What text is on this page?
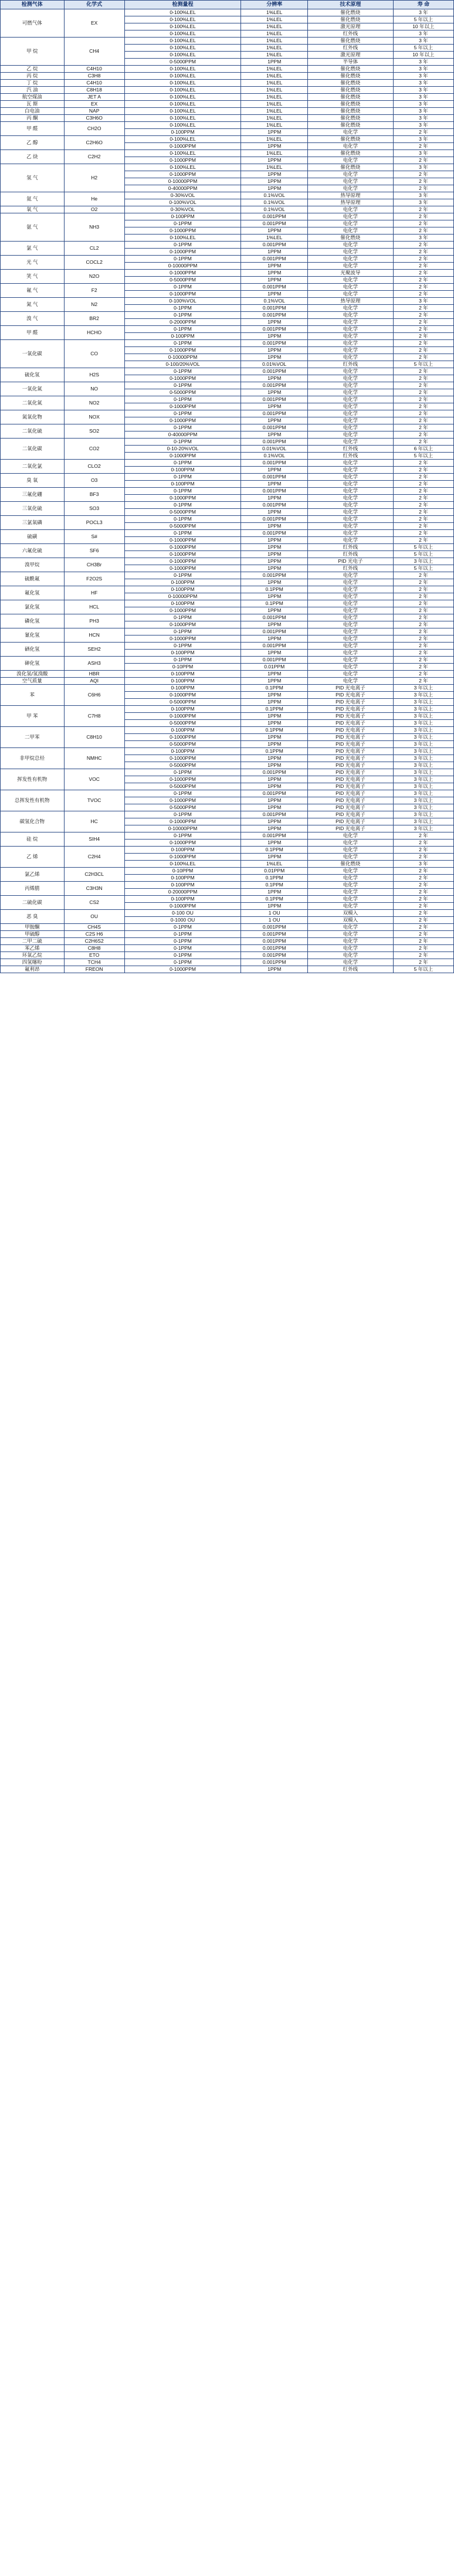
检测气体	化学式	检测量程	分辨率	技术原理	寿 命
可燃气体	EX	0-100%LEL	1%LEL	催化燃烧	3 年
		0-100%LEL	1%LEL	催化燃烧	5 年以上
		0-100%LEL	1%LEL	激光原理	10 年以上
		0-100%LEL	1%LEL	红外线	3 年
甲 烷	CH4	0-100%LEL	1%LEL	催化燃烧	3 年
		0-100%LEL	1%LEL	红外线	5 年以上
		0-100%LEL	1%LEL	激光原理	10 年以上
		0-5000PPM	1PPM	半导体	3 年
乙 烷	C4H10	0-100%LEL	1%LEL	催化燃烧	3 年
丙 烷	C3H8	0-100%LEL	1%LEL	催化燃烧	3 年
丁 烷	C4H10	0-100%LEL	1%LEL	催化燃烧	3 年
汽 油	C8H18	0-100%LEL	1%LEL	催化燃烧	3 年
航空煤油	JET A	0-100%LEL	1%LEL	催化燃烧	3 年
瓦 斯	EX	0-100%LEL	1%LEL	催化燃烧	3 年
白电油	NAP	0-100%LEL	1%LEL	催化燃烧	3 年
丙 酮	C3H6O	0-100%LEL	1%LEL	催化燃烧	3 年
甲 醛	CH2O	0-100%LEL	1%LEL	催化燃烧	3 年
		0-100PPM	1PPM	电化学	2 年
乙 醇	C2H6O	0-100%LEL	1%LEL	催化燃烧	3 年
		0-1000PPM	1PPM	电化学	2 年
乙 炔	C2H2	0-100%LEL	1%LEL	催化燃烧	3 年
		0-1000PPM	1PPM	电化学	2 年
氢 气	H2	0-100%LEL	1%LEL	催化燃烧	3 年
		0-1000PPM	1PPM	电化学	2 年
		0-10000PPM	1PPM	电化学	2 年
		0-40000PPM	1PPM	电化学	2 年
氦 气	He	0-30%VOL	0.1%VOL	热导原理	3 年
		0-100%VOL	0.1%VOL	热导原理	3 年
氧 气	O2	0-30%VOL	0.1%VOL	电化学	2 年
氨 气	NH3	0-100PPM	0.001PPM	电化学	2 年
		0-1PPM	0.001PPM	电化学	2 年
		0-1000PPM	1PPM	电化学	2 年
		0-100%LEL	1%LEL	催化燃烧	3 年
氯 气	CL2	0-1PPM	0.001PPM	电化学	2 年
		0-1000PPM	1PPM	电化学	2 年
光 气	COCL2	0-1PPM	0.001PPM	电化学	2 年
		0-10000PPM	1PPM	电化学	2 年
笑 气	N2O	0-1000PPM	1PPM	光聚波导	2 年
		0-5000PPM	1PPM	电化学	2 年
氟 气	F2	0-1PPM	0.001PPM	电化学	2 年
		0-1000PPM	1PPM	电化学	2 年
氮 气	N2	0-100%VOL	0.1%VOL	热导原理	3 年
		0-1PPM	0.001PPM	电化学	2 年
溴 气	BR2	0-1PPM	0.001PPM	电化学	2 年
		0-2000PPM	1PPM	电化学	2 年
甲 醛	HCHO	0-1PPM	0.001PPM	电化学	2 年
		0-100PPM	1PPM	电化学	2 年
一氧化碳	CO	0-1PPM	0.001PPM	电化学	2 年
		0-1000PPM	1PPM	电化学	2 年
		0-10000PPM	1PPM	电化学	2 年
		0-100/20%VOL	0.01%VOL	红外线	5 年以上
硫化氢	H2S	0-1PPM	0.001PPM	电化学	2 年
		0-1000PPM	1PPM	电化学	2 年
一氧化氮	NO	0-1PPM	0.001PPM	电化学	2 年
		0-5000PPM	1PPM	电化学	2 年
二氧化氮	NO2	0-1PPM	0.001PPM	电化学	2 年
		0-1000PPM	1PPM	电化学	2 年
氮氧化物	NOX	0-1PPM	0.001PPM	电化学	2 年
		0-1000PPM	1PPM	电化学	2 年
二氧化硫	SO2	0-1PPM	0.001PPM	电化学	2 年
		0-40000PPM	1PPM	电化学	2 年
二氧化碳	CO2	0-1PPM	0.001PPM	电化学	2 年
		0-10-20%VOL	0.01%VOL	红外线	6 年以上
		0-1000PPM	0.1%VOL	红外线	5 年以上
二氧化氯	CLO2	0-1PPM	0.001PPM	电化学	2 年
		0-100PPM	1PPM	电化学	2 年
臭 氧	O3	0-1PPM	0.001PPM	电化学	2 年
		0-100PPM	1PPM	电化学	2 年
三氟化硼	BF3	0-1PPM	0.001PPM	电化学	2 年
		0-1000PPM	1PPM	电化学	2 年
三氧化硫	SO3	0-1PPM	0.001PPM	电化学	2 年
		0-5000PPM	1PPM	电化学	2 年
三氯氧磷	POCL3	0-1PPM	0.001PPM	电化学	2 年
		0-5000PPM	1PPM	电化学	2 年
硫磺	S#	0-1PPM	0.001PPM	电化学	2 年
		0-1000PPM	1PPM	电化学	2 年
六氟化硫	SF6	0-1000PPM	1PPM	红外线	5 年以上
		0-1000PPM	1PPM	红外线	5 年以上
溴甲烷	CH3Br	0-1000PPM	1PPM	PID 光电子	3 年以上
		0-1000PPM	1PPM	红外线	5 年以上
硫酰氟	F2O2S	0-1PPM	0.001PPM	电化学	2 年
		0-100PPM	1PPM	电化学	2 年
氟化氢	HF	0-100PPM	0.1PPM	电化学	2 年
		0-10000PPM	1PPM	电化学	2 年
氯化氢	HCL	0-100PPM	0.1PPM	电化学	2 年
		0-1000PPM	1PPM	电化学	2 年
磷化氢	PH3	0-1PPM	0.001PPM	电化学	2 年
		0-1000PPM	1PPM	电化学	2 年
氰化氢	HCN	0-1PPM	0.001PPM	电化学	2 年
		0-1000PPM	1PPM	电化学	2 年
硒化氢	SEH2	0-1PPM	0.001PPM	电化学	2 年
		0-100PPM	1PPM	电化学	2 年
砷化氢	ASH3	0-1PPM	0.001PPM	电化学	2 年
		0-10PPM	0.01PPM	电化学	2 年
溴化氢/氢溴酸	HBR	0-100PPM	1PPM	电化学	2 年
空气质量	AQI	0-100PPM	1PPM	电化学	2 年
苯	C6H6	0-100PPM	0.1PPM	PID 光电离子	3 年以上
		0-1000PPM	1PPM	PID 光电离子	3 年以上
		0-5000PPM	1PPM	PID 光电离子	3 年以上
甲 苯	C7H8	0-100PPM	0.1PPM	PID 光电离子	3 年以上
		0-1000PPM	1PPM	PID 光电离子	3 年以上
		0-5000PPM	1PPM	PID 光电离子	3 年以上
二甲苯	C8H10	0-100PPM	0.1PPM	PID 光电离子	3 年以上
		0-1000PPM	1PPM	PID 光电离子	3 年以上
		0-5000PPM	1PPM	PID 光电离子	3 年以上
非甲烷总烃	NMHC	0-100PPM	0.1PPM	PID 光电离子	3 年以上
		0-1000PPM	1PPM	PID 光电离子	3 年以上
		0-5000PPM	1PPM	PID 光电离子	3 年以上
挥发性有机物	VOC	0-1PPM	0.001PPM	PID 光电离子	3 年以上
		0-1000PPM	1PPM	PID 光电离子	3 年以上
		0-5000PPM	1PPM	PID 光电离子	3 年以上
总挥发性有机物	TVOC	0-1PPM	0.001PPM	PID 光电离子	3 年以上
		0-1000PPM	1PPM	PID 光电离子	3 年以上
		0-5000PPM	1PPM	PID 光电离子	3 年以上
碳氢化合物	HC	0-1PPM	0.001PPM	PID 光电离子	3 年以上
		0-1000PPM	1PPM	PID 光电离子	3 年以上
		0-10000PPM	1PPM	PID 光电离子	3 年以上
硅 烷	SIH4	0-1PPM	0.001PPM	电化学	2 年
		0-1000PPM	1PPM	电化学	2 年
乙 烯	C2H4	0-100PPM	0.1PPM	电化学	2 年
		0-1000PPM	1PPM	电化学	2 年
		0-100%LEL	1%LEL	催化燃烧	3 年
氯乙烯	C2H3CL	0-10PPM	0.01PPM	电化学	2 年
		0-100PPM	0.1PPM	电化学	2 年
丙烯腈	C3H3N	0-100PPM	0.1PPM	电化学	2 年
		0-20000PPM	1PPM	电化学	2 年
二硫化碳	CS2	0-100PPM	0.1PPM	电化学	2 年
		0-1000PPM	1PPM	电化学	2 年
恶 臭	OU	0-100 OU	1 OU	双模入	2 年
		0-1000 OU	1 OU	双模入	2 年
甲胺酮	CH4S	0-1PPM	0.001PPM	电化学	2 年
甲硫醇	C2S H6	0-1PPM	0.001PPM	电化学	2 年
二甲二硫	C2H6S2	0-1PPM	0.001PPM	电化学	2 年
苯乙烯	C8H8	0-1PPM	0.001PPM	电化学	2 年
环氧乙烷	ETO	0-1PPM	0.001PPM	电化学	2 年
四氢噻吩	TCH4	0-1PPM	0.001PPM	电化学	2 年
氟利昂	FREON	0-1000PPM	1PPM	红外线	5 年以上
